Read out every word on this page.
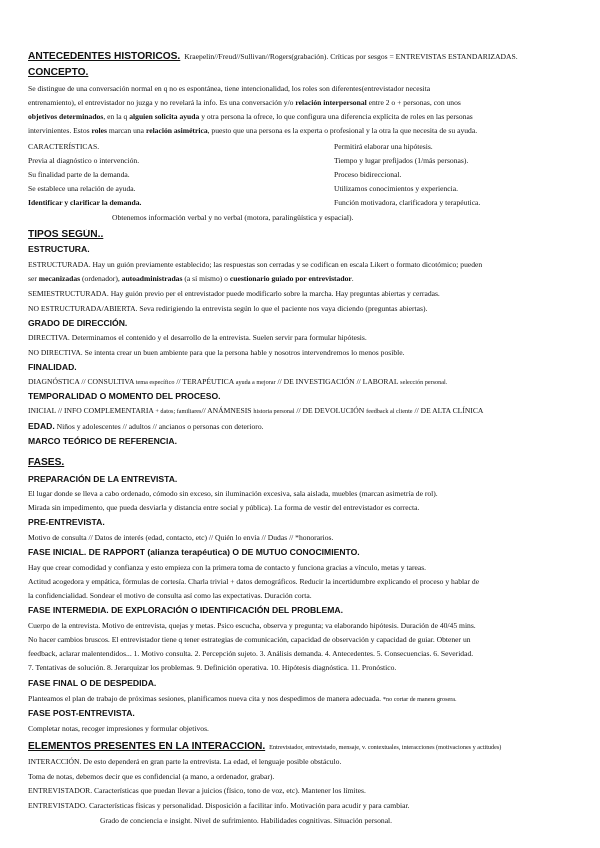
ANTECEDENTES HISTÓRICOS. Kraepelin//Freud//Sullivan//Rogers(grabación). Críticas por sesgos = ENTREVISTAS ESTANDARIZADAS.
CONCEPTO.
Se distingue de una conversación normal en q no es espontánea, tiene intencionalidad, los roles son diferentes(entrevistador necesita
entrenamiento), el entrevistador no juzga y no revelará la info. Es una conversación y/o relación interpersonal entre 2 o + personas, con unos
objetivos determinados, en la q alguien solicita ayuda y otra persona la ofrece, lo que configura una diferencia explícita de roles en las personas
intervinientes. Estos roles marcan una relación asimétrica, puesto que una persona es la experta o profesional y la otra la que necesita de su ayuda.
CARACTERÍSTICAS.
Previa al diagnóstico o intervención.
Su finalidad parte de la demanda.
Se establece una relación de ayuda.
Identificar y clarificar la demanda.
Permitirá elaborar una hipótesis.
Tiempo y lugar prefijados (1/más personas).
Proceso bidireccional.
Utilizamos conocimientos y experiencia.
Función motivadora, clarificadora y terapéutica.
Obtenemos información verbal y no verbal (motora, paralingüística y espacial).
TIPOS SEGÚN..
ESTRUCTURA.
ESTRUCTURADA. Hay un guión previamente establecido; las respuestas son cerradas y se codifican en escala Likert o formato dicotómico; pueden
ser mecanizadas (ordenador), autoadministradas (a sí mismo) o cuestionario guiado por entrevistador.
SEMIESTRUCTURADA. Hay guión previo per el entrevistador puede modificarlo sobre la marcha. Hay preguntas abiertas y cerradas.
NO ESTRUCTURADA/ABIERTA. Seva redirigiendo la entrevista según lo que el paciente nos vaya diciendo (preguntas abiertas).
GRADO DE DIRECCIÓN.
DIRECTIVA. Determinamos el contenido y el desarrollo de la entrevista. Suelen servir para formular hipótesis.
NO DIRECTIVA. Se intenta crear un buen ambiente para que la persona hable y nosotros intervendremos lo menos posible.
FINALIDAD.
DIAGNÓSTICA // CONSULTIVA tema específico // TERAPÉUTICA ayuda a mejorar // DE INVESTIGACIÓN // LABORAL selección personal.
TEMPORALIDAD O MOMENTO DEL PROCESO.
INICIAL // INFO COMPLEMENTARIA + datos; familiares// ANÁMNESIS historia personal // DE DEVOLUCIÓN feedback al cliente // DE ALTA CLÍNICA
EDAD. Niños y adolescentes // adultos // ancianos o personas con deterioro.
MARCO TEÓRICO DE REFERENCIA.
FASES.
PREPARACIÓN DE LA ENTREVISTA.
El lugar donde se lleva a cabo ordenado, cómodo sin exceso, sin iluminación excesiva, sala aislada, muebles (marcan asimetría de rol).
Mirada sin impedimento, que pueda desviarla y distancia entre social y pública). La forma de vestir del entrevistador es correcta.
PRE-ENTREVISTA.
Motivo de consulta // Datos de interés (edad, contacto, etc) // Quién lo envía // Dudas // *honorarios.
FASE INICIAL. DE RAPPORT (alianza terapéutica) O DE MUTUO CONOCIMIENTO.
Hay que crear comodidad y confianza y esto empieza con la primera toma de contacto y funciona gracias a vínculo, metas y tareas.
Actitud acogedora y empática, fórmulas de cortesía. Charla trivial + datos demográficos. Reducir la incertidumbre explicando el proceso y hablar de
la confidencialidad. Sondear el motivo de consulta así como las expectativas. Duración corta.
FASE INTERMEDIA. DE EXPLORACIÓN O IDENTIFICACIÓN DEL PROBLEMA.
Cuerpo de la entrevista. Motivo de entrevista, quejas y metas. Psico escucha, observa y pregunta; va elaborando hipótesis. Duración de 40/45 mins.
No hacer cambios bruscos. El entrevistador tiene q tener estrategias de comunicación, capacidad de observación y capacidad de guiar. Obtener un
feedback, aclarar malentendidos... 1. Motivo consulta. 2. Percepción sujeto. 3. Análisis demanda. 4. Antecedentes. 5. Consecuencias. 6. Severidad.
7. Tentativas de solución. 8. Jerarquizar los problemas. 9. Definición operativa. 10. Hipótesis diagnóstica. 11. Pronóstico.
FASE FINAL O DE DESPEDIDA.
Planteamos el plan de trabajo de próximas sesiones, planificamos nueva cita y nos despedimos de manera adecuada. *no cortar de manera grosera.
FASE POST-ENTREVISTA.
Completar notas, recoger impresiones y formular objetivos.
ELEMENTOS PRESENTES EN LA INTERACCIÓN. Entrevistador, entrevistado, mensaje, v. contextuales, interacciones (motivaciones y actitudes)
INTERACCIÓN. De esto dependerá en gran parte la entrevista. La edad, el lenguaje posible obstáculo.
Toma de notas, debemos decir que es confidencial (a mano, a ordenador, grabar).
ENTREVISTADOR. Características que puedan llevar a juicios (físico, tono de voz, etc). Mantener los límites.
ENTREVISTADO. Características físicas y personalidad. Disposición a facilitar info. Motivación para acudir y para cambiar.
Grado de conciencia e insight. Nivel de sufrimiento. Habilidades cognitivas. Situación personal.
